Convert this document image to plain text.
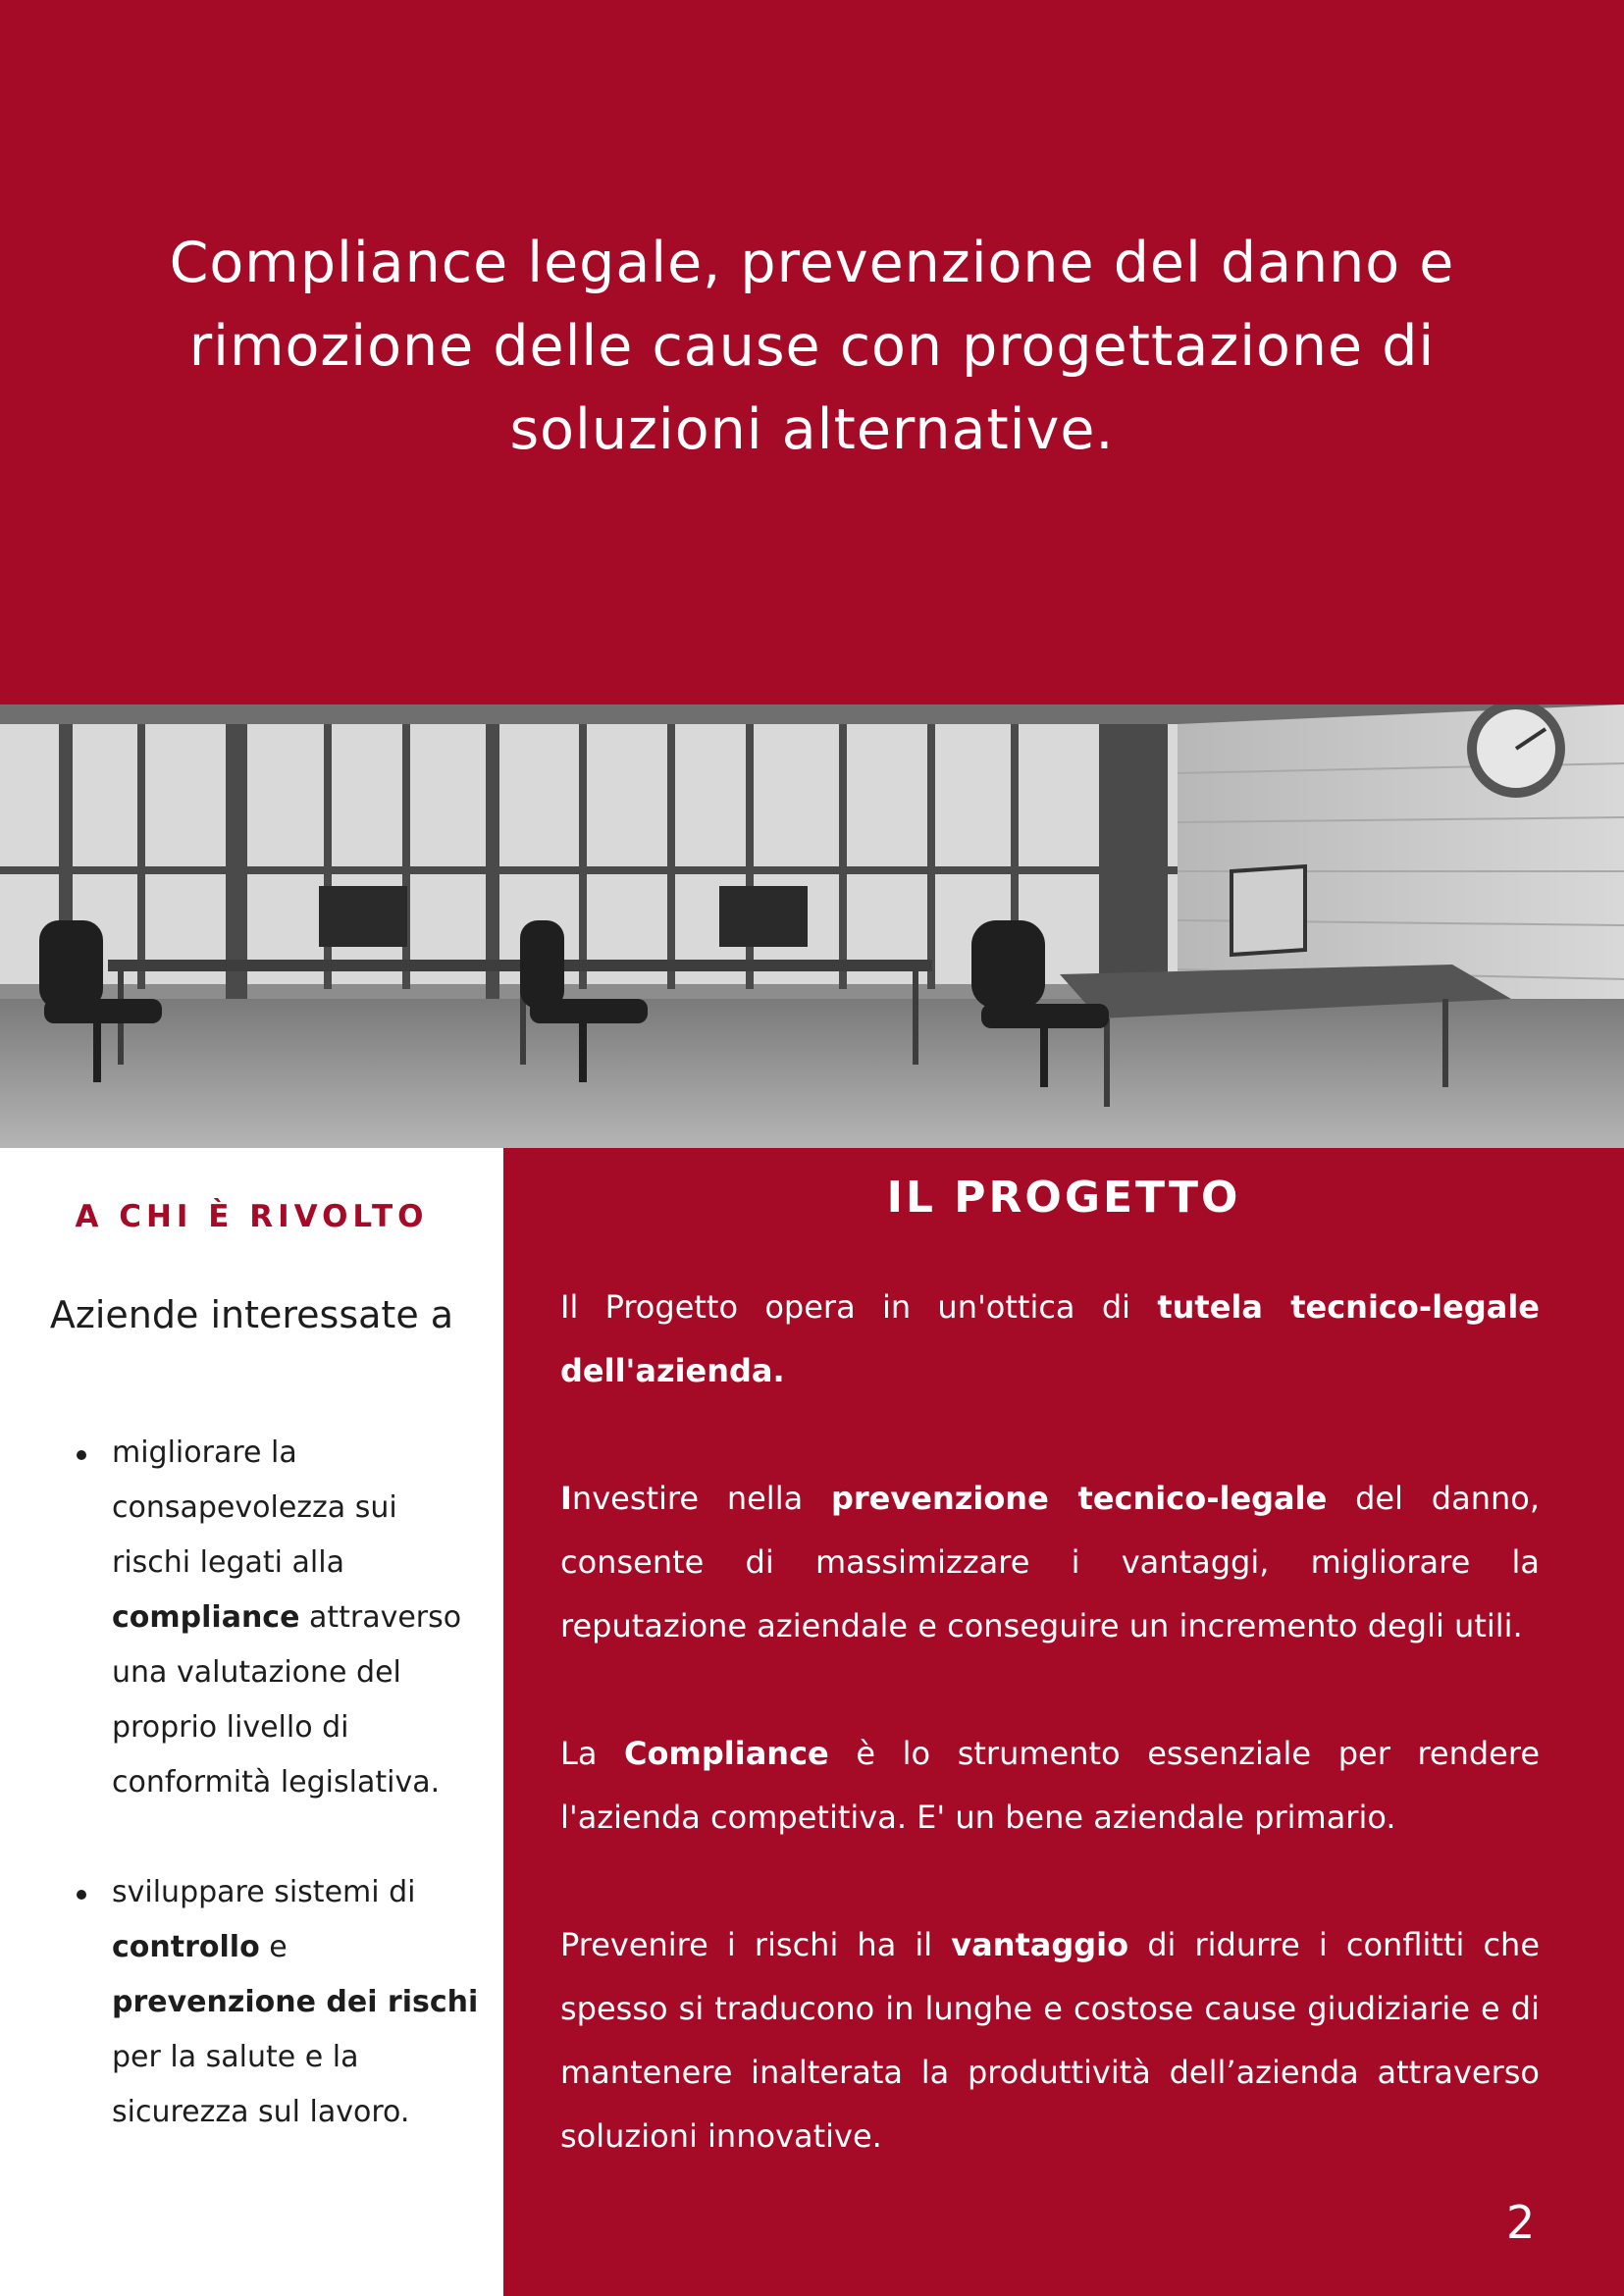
Compliance legale, prevenzione del danno e rimozione delle cause con progettazione di soluzioni alternative.
A CHI È RIVOLTO

Aziende interessate a

migliorare la consapevolezza sui rischi legati alla compliance attraverso una valutazione del proprio livello di conformità legislativa.
sviluppare sistemi di controllo e prevenzione dei rischi per la salute e la sicurezza sul lavoro.
IL PROGETTO

Il Progetto opera in un'ottica di tutela tecnico-legale dell'azienda.

Investire nella prevenzione tecnico-legale del danno, consente di massimizzare i vantaggi, migliorare la reputazione aziendale e conseguire un incremento degli utili.

La Compliance è lo strumento essenziale per rendere l'azienda competitiva. E' un bene aziendale primario.

Prevenire i rischi ha il vantaggio di ridurre i conflitti che spesso si traducono in lunghe e costose cause giudiziarie e di mantenere inalterata la produttività dell’azienda attraverso soluzioni innovative.

2
